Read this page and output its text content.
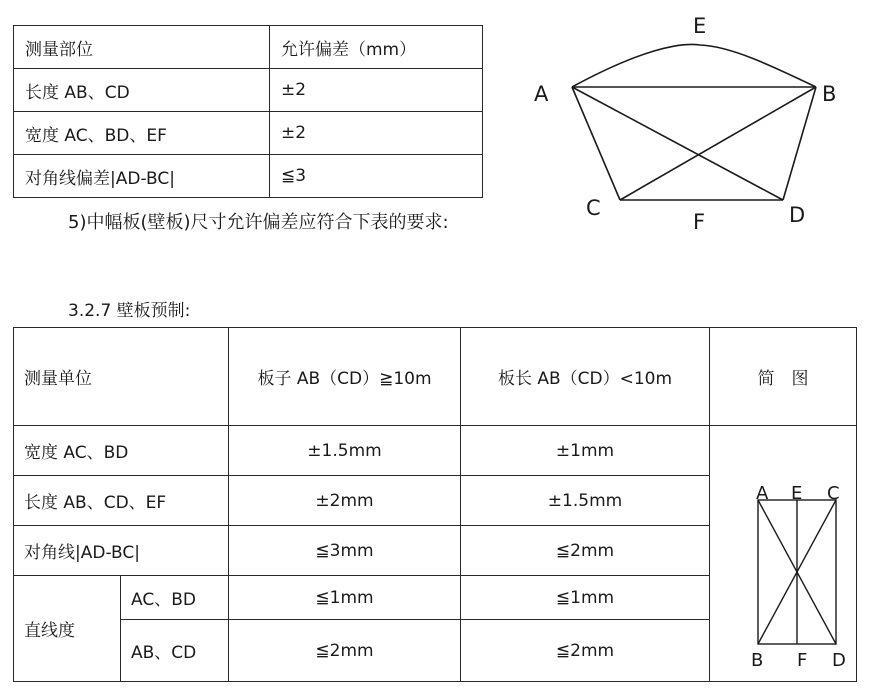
测量部位	允许偏差（mm）
长度 AB、CD	±2
宽度 AC、BD、EF	±2
对角线偏差|AD-BC|	≦3
5)中幅板(壁板)尺寸允许偏差应符合下表的要求:
A	B
C	D
E
F
3.2.7 壁板预制:
测量单位		板子 AB（CD）≧10m	板长 AB（CD）<10m	简　图
宽度 AC、BD		±1.5mm	±1mm	
长度 AB、CD、EF		±2mm	±1.5mm	
对角线|AD-BC|		≦3mm	≦2mm	
直线度	AC、BD	≦1mm	≦1mm	
	AB、CD	≦2mm	≦2mm	
A E C
B F D
